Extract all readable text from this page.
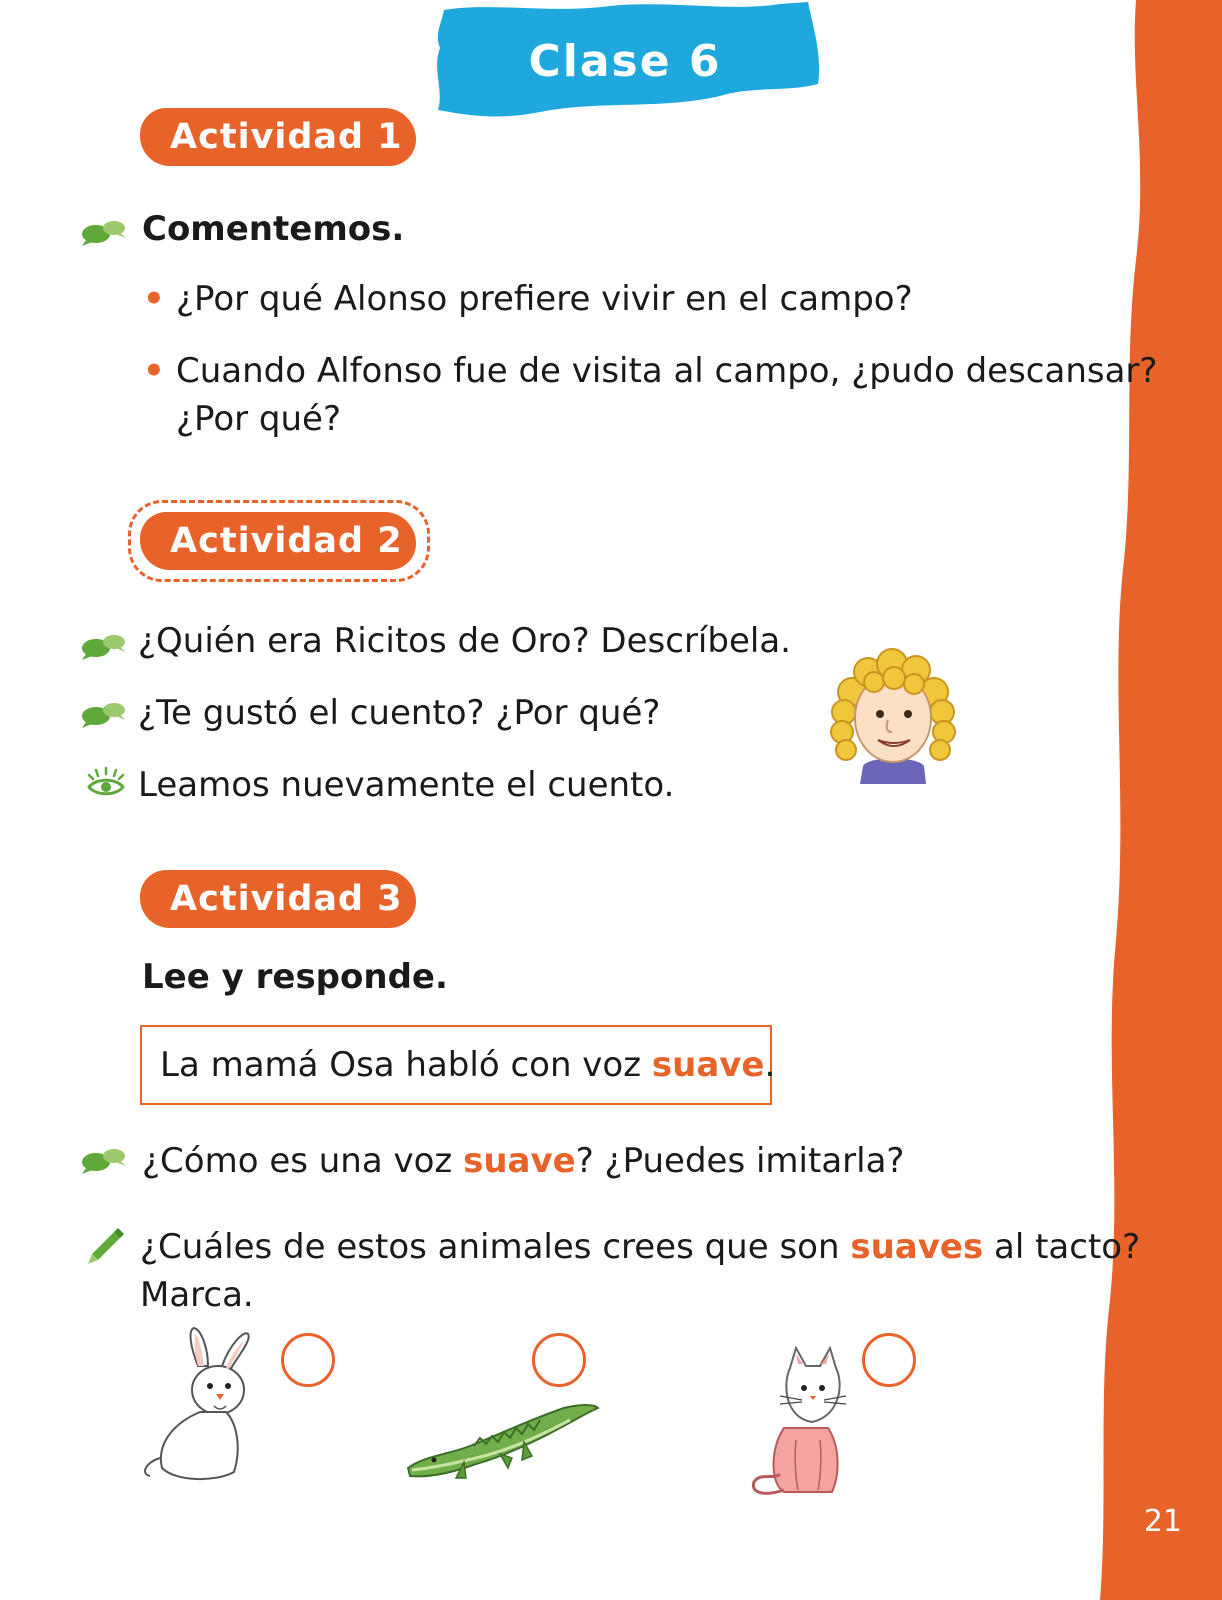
Clase 6
Actividad 1
Comentemos.
• ¿Por qué Alonso prefiere vivir en el campo?
• Cuando Alfonso fue de visita al campo, ¿pudo descansar?
¿Por qué?
Actividad 2
¿Quién era Ricitos de Oro? Descríbela.
¿Te gustó el cuento? ¿Por qué?
Leamos nuevamente el cuento.
Actividad 3
Lee y responde.
La mamá Osa habló con voz suave.
¿Cómo es una voz suave? ¿Puedes imitarla?
¿Cuáles de estos animales crees que son suaves al tacto?
Marca.
21
